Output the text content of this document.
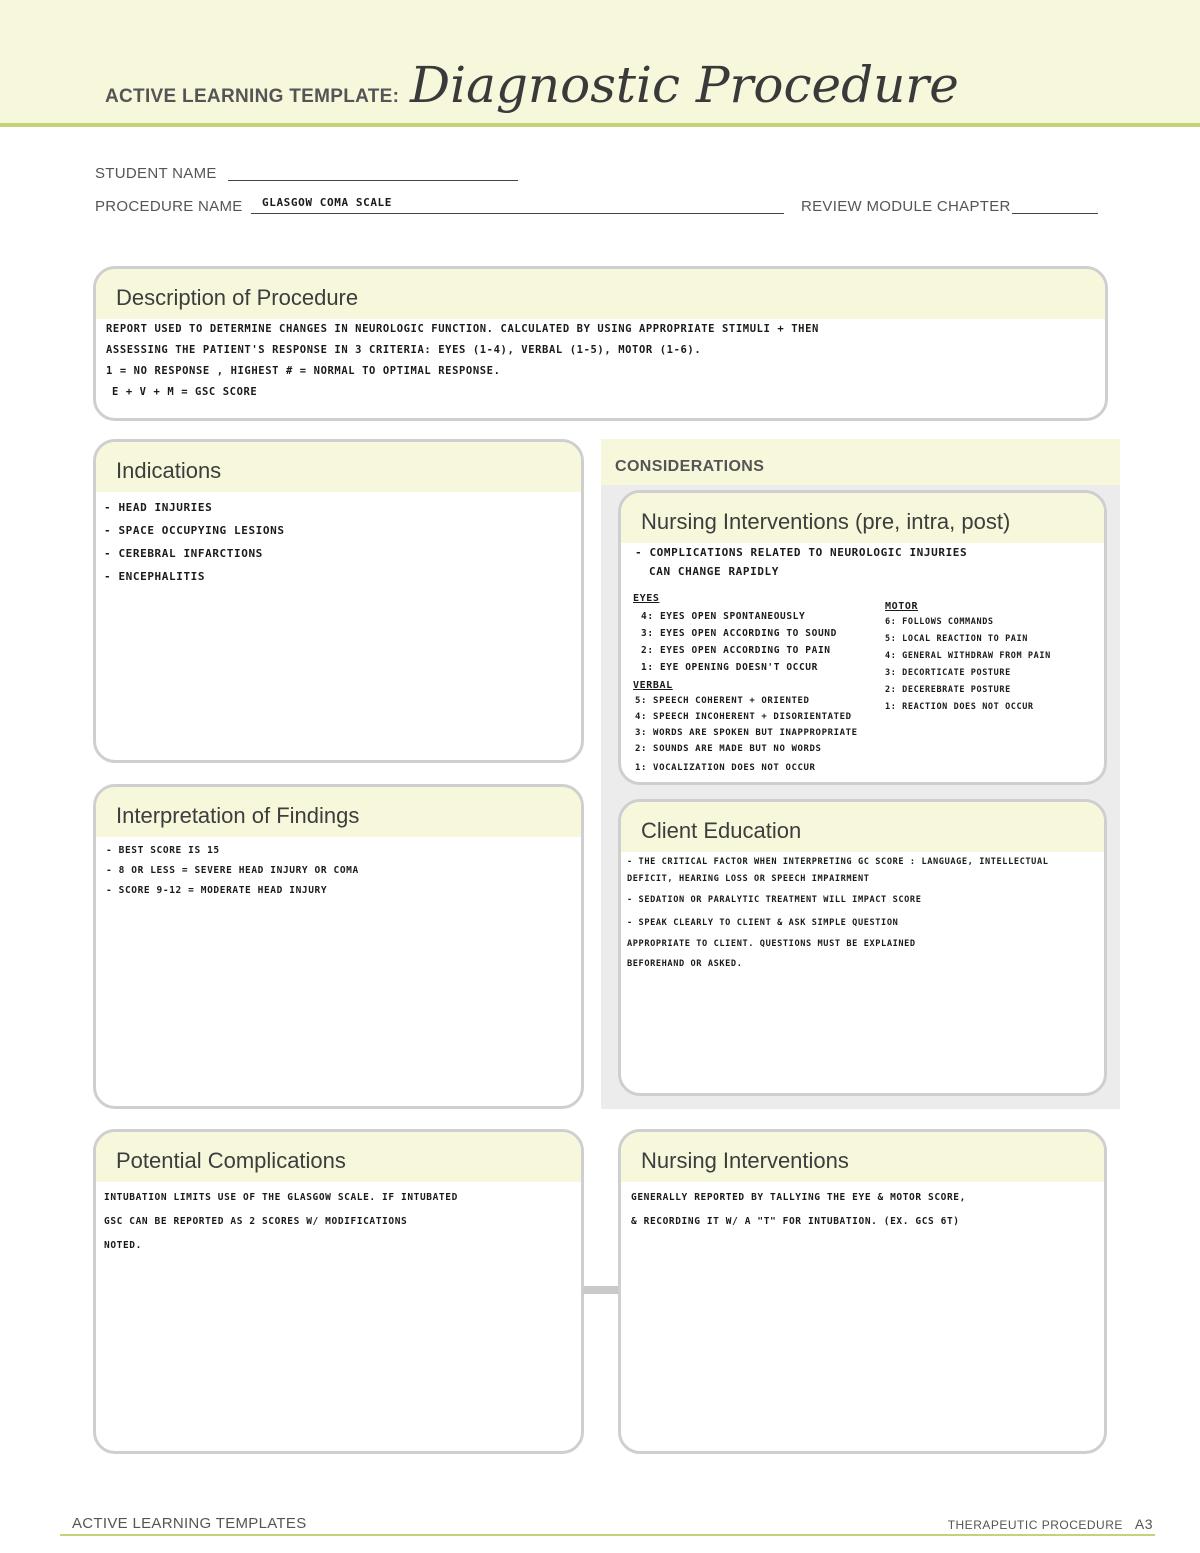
ACTIVE LEARNING TEMPLATE: Diagnostic Procedure
STUDENT NAME
PROCEDURE NAME GLASGOW COMA SCALE	REVIEW MODULE CHAPTER
Description of Procedure
REPORT USED TO DETERMINE CHANGES IN NEUROLOGIC FUNCTION. CALCULATED BY USING APPROPRIATE STIMULI + THEN
ASSESSING THE PATIENT'S RESPONSE IN 3 CRITERIA: EYES (1-4), VERBAL (1-5), MOTOR (1-6).
1 = NO RESPONSE , HIGHEST # = NORMAL TO OPTIMAL RESPONSE.
E + V + M = GSC SCORE
Indications
- HEAD INJURIES
- SPACE OCCUPYING LESIONS
- CEREBRAL INFARCTIONS
- ENCEPHALITIS
CONSIDERATIONS
Nursing Interventions (pre, intra, post)
- COMPLICATIONS RELATED TO NEUROLOGIC INJURIES
CAN CHANGE RAPIDLY
EYES
4: EYES OPEN SPONTANEOUSLY
3: EYES OPEN ACCORDING TO SOUND
2: EYES OPEN ACCORDING TO PAIN
1: EYE OPENING DOESN'T OCCUR
VERBAL
5: SPEECH COHERENT + ORIENTED
4: SPEECH INCOHERENT + DISORIENTATED
3: WORDS ARE SPOKEN BUT INAPPROPRIATE
2: SOUNDS ARE MADE BUT NO WORDS
1: VOCALIZATION DOES NOT OCCUR
MOTOR
6: FOLLOWS COMMANDS
5: LOCAL REACTION TO PAIN
4: GENERAL WITHDRAW FROM PAIN
3: DECORTICATE POSTURE
2: DECEREBRATE POSTURE
1: REACTION DOES NOT OCCUR
Interpretation of Findings
- BEST SCORE IS 15
- 8 OR LESS = SEVERE HEAD INJURY OR COMA
- SCORE 9-12 = MODERATE HEAD INJURY
Client Education
- THE CRITICAL FACTOR WHEN INTERPRETING GC SCORE : LANGUAGE, INTELLECTUAL
DEFICIT, HEARING LOSS OR SPEECH IMPAIRMENT
- SEDATION OR PARALYTIC TREATMENT WILL IMPACT SCORE
- SPEAK CLEARLY TO CLIENT & ASK SIMPLE QUESTION
APPROPRIATE TO CLIENT. QUESTIONS MUST BE EXPLAINED
BEFOREHAND OR ASKED.
Potential Complications
INTUBATION LIMITS USE OF THE GLASGOW SCALE. IF INTUBATED
GSC CAN BE REPORTED AS 2 SCORES W/ MODIFICATIONS
NOTED.
Nursing Interventions
GENERALLY REPORTED BY TALLYING THE EYE & MOTOR SCORE,
& RECORDING IT W/ A "T" FOR INTUBATION. (EX. GCS 6T)
ACTIVE LEARNING TEMPLATES	THERAPEUTIC PROCEDURE A3
